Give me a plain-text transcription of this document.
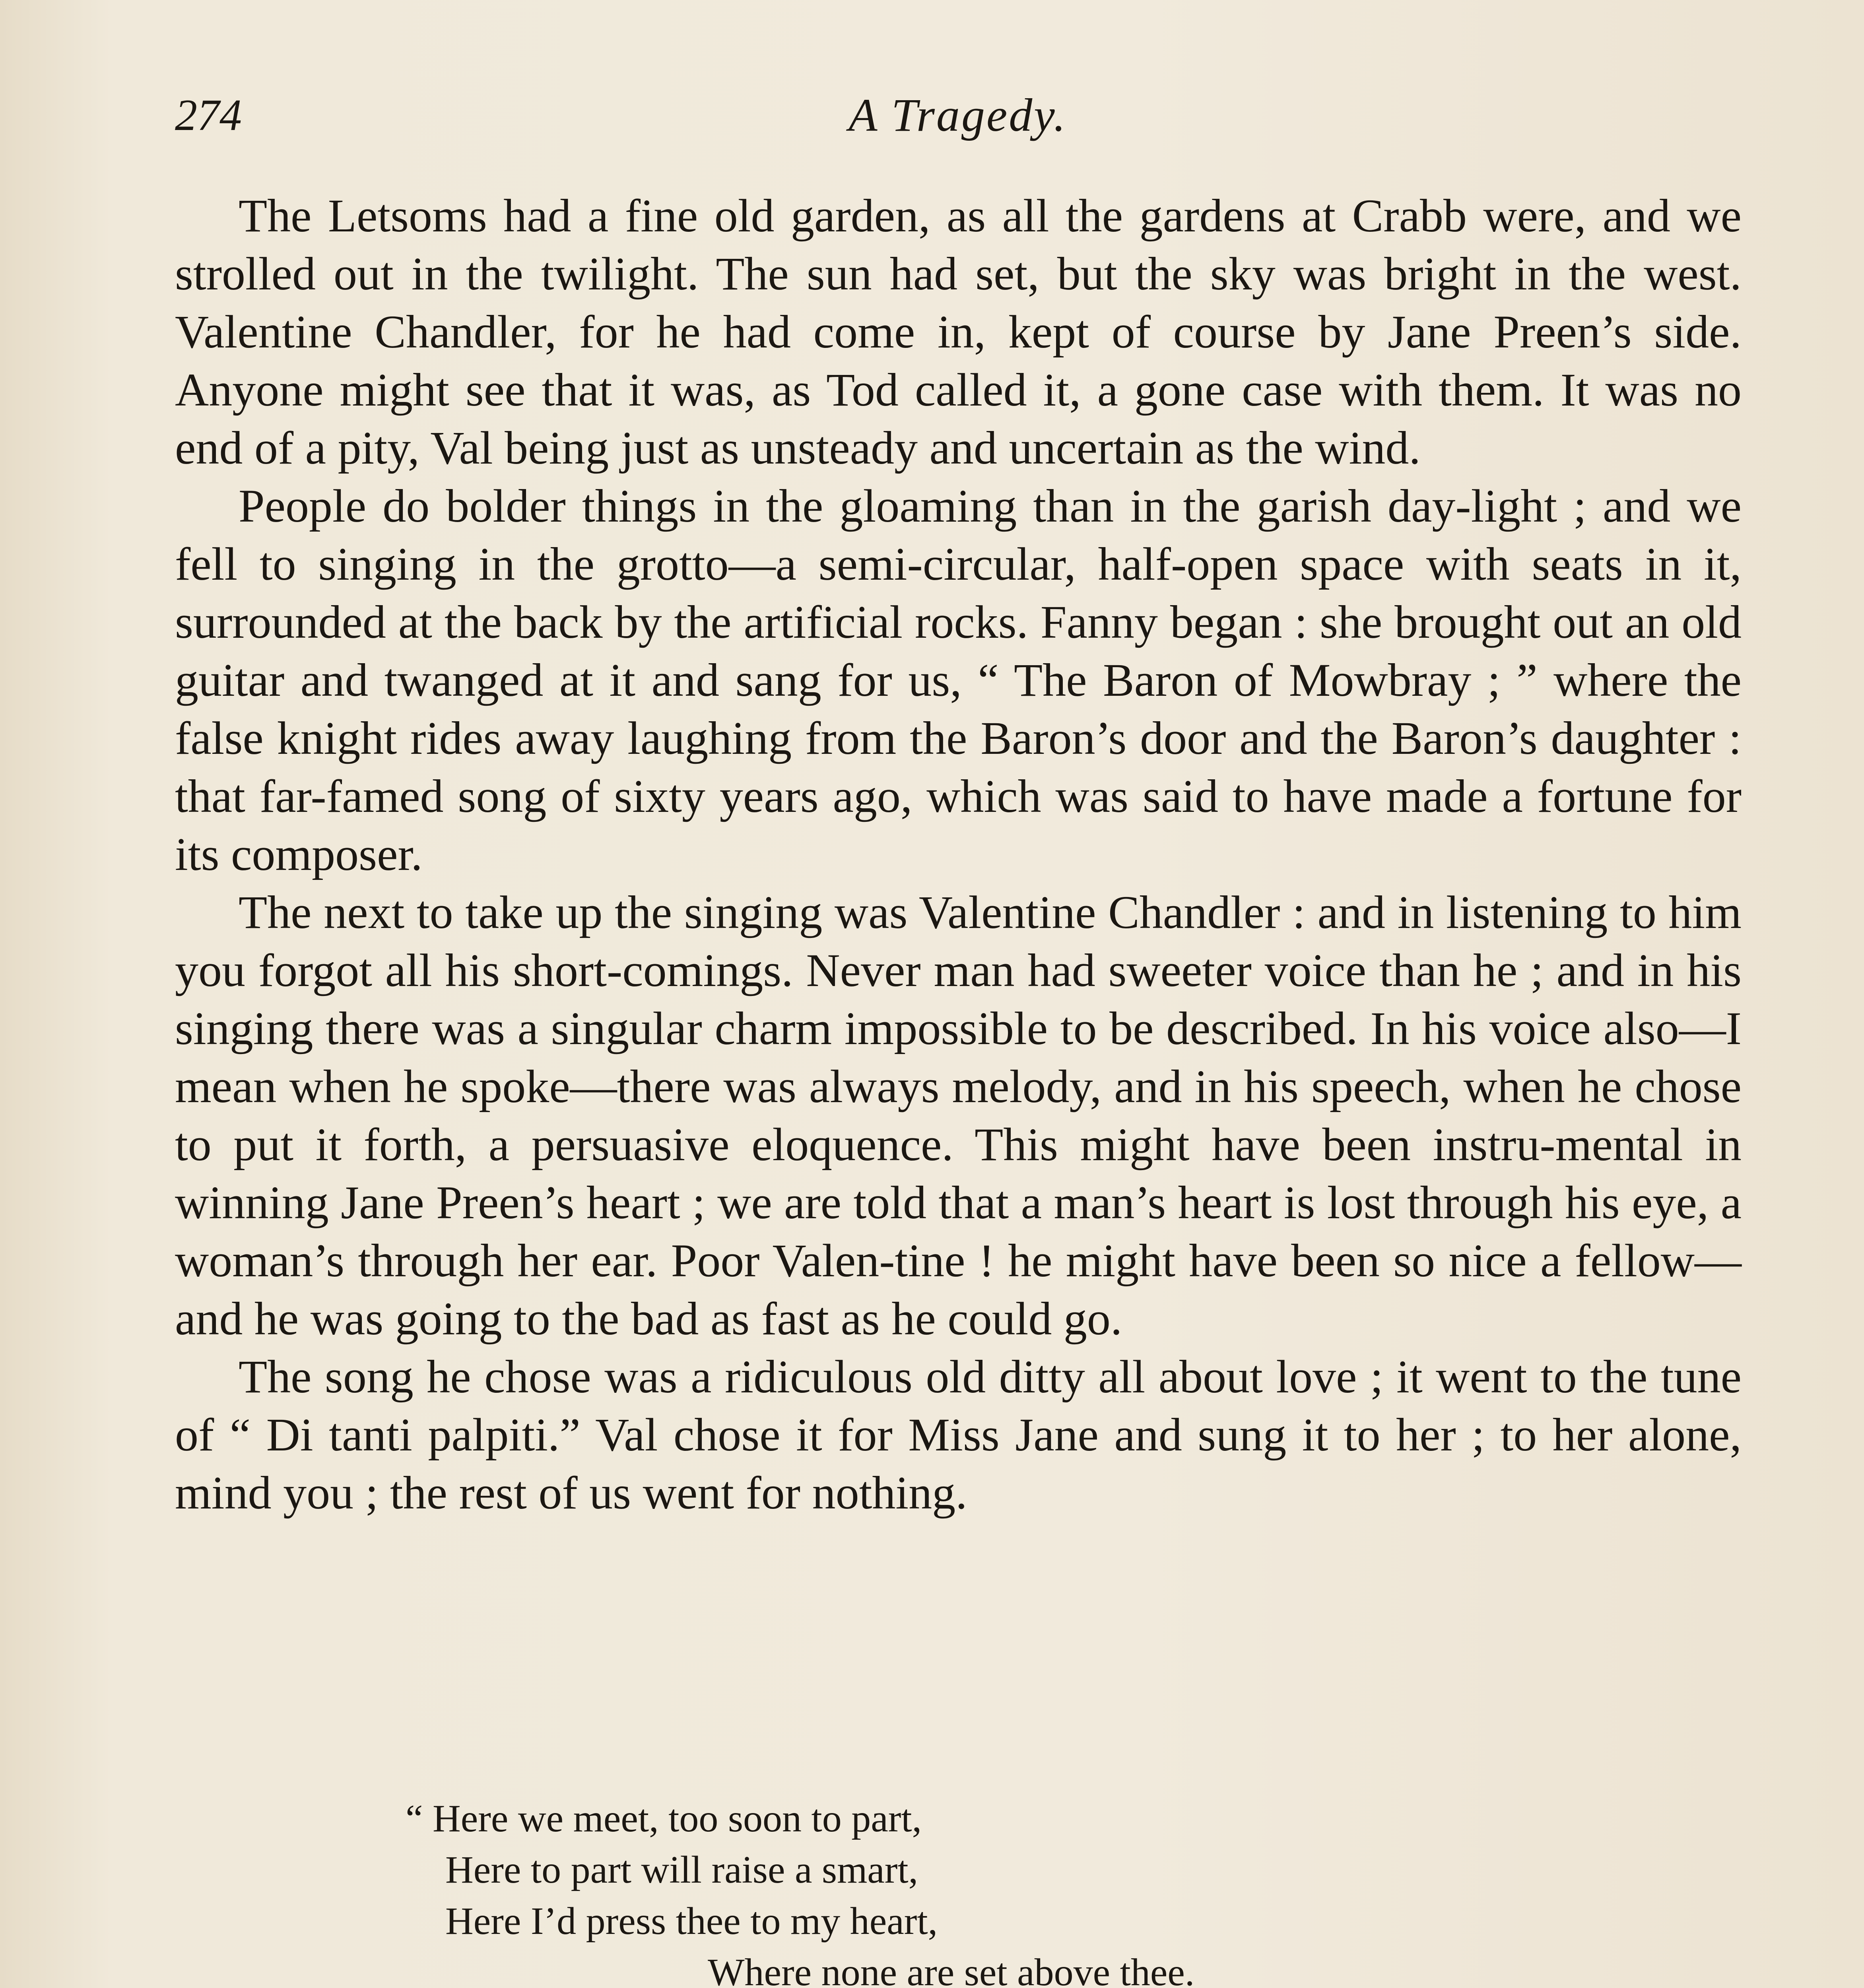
274	A Tragedy.

The Letsoms had a fine old garden, as all the gardens at Crabb were, and we strolled out in the twilight. The sun had set, but the sky was bright in the west. Valentine Chandler, for he had come in, kept of course by Jane Preen’s side. Anyone might see that it was, as Tod called it, a gone case with them. It was no end of a pity, Val being just as unsteady and uncertain as the wind.

People do bolder things in the gloaming than in the garish day-light ; and we fell to singing in the grotto—a semi-circular, half-open space with seats in it, surrounded at the back by the artificial rocks. Fanny began : she brought out an old guitar and twanged at it and sang for us, “ The Baron of Mowbray ; ” where the false knight rides away laughing from the Baron’s door and the Baron’s daughter : that far-famed song of sixty years ago, which was said to have made a fortune for its composer.

The next to take up the singing was Valentine Chandler : and in listening to him you forgot all his short-comings. Never man had sweeter voice than he ; and in his singing there was a singular charm impossible to be described. In his voice also—I mean when he spoke—there was always melody, and in his speech, when he chose to put it forth, a persuasive eloquence. This might have been instru-mental in winning Jane Preen’s heart ; we are told that a man’s heart is lost through his eye, a woman’s through her ear. Poor Valen-tine ! he might have been so nice a fellow—and he was going to the bad as fast as he could go.

The song he chose was a ridiculous old ditty all about love ; it went to the tune of “ Di tanti palpiti.” Val chose it for Miss Jane and sung it to her ; to her alone, mind you ; the rest of us went for nothing.

“ Here we meet, too soon to part,
Here to part will raise a smart,
Here I’d press thee to my heart,
Where none are set above thee.
